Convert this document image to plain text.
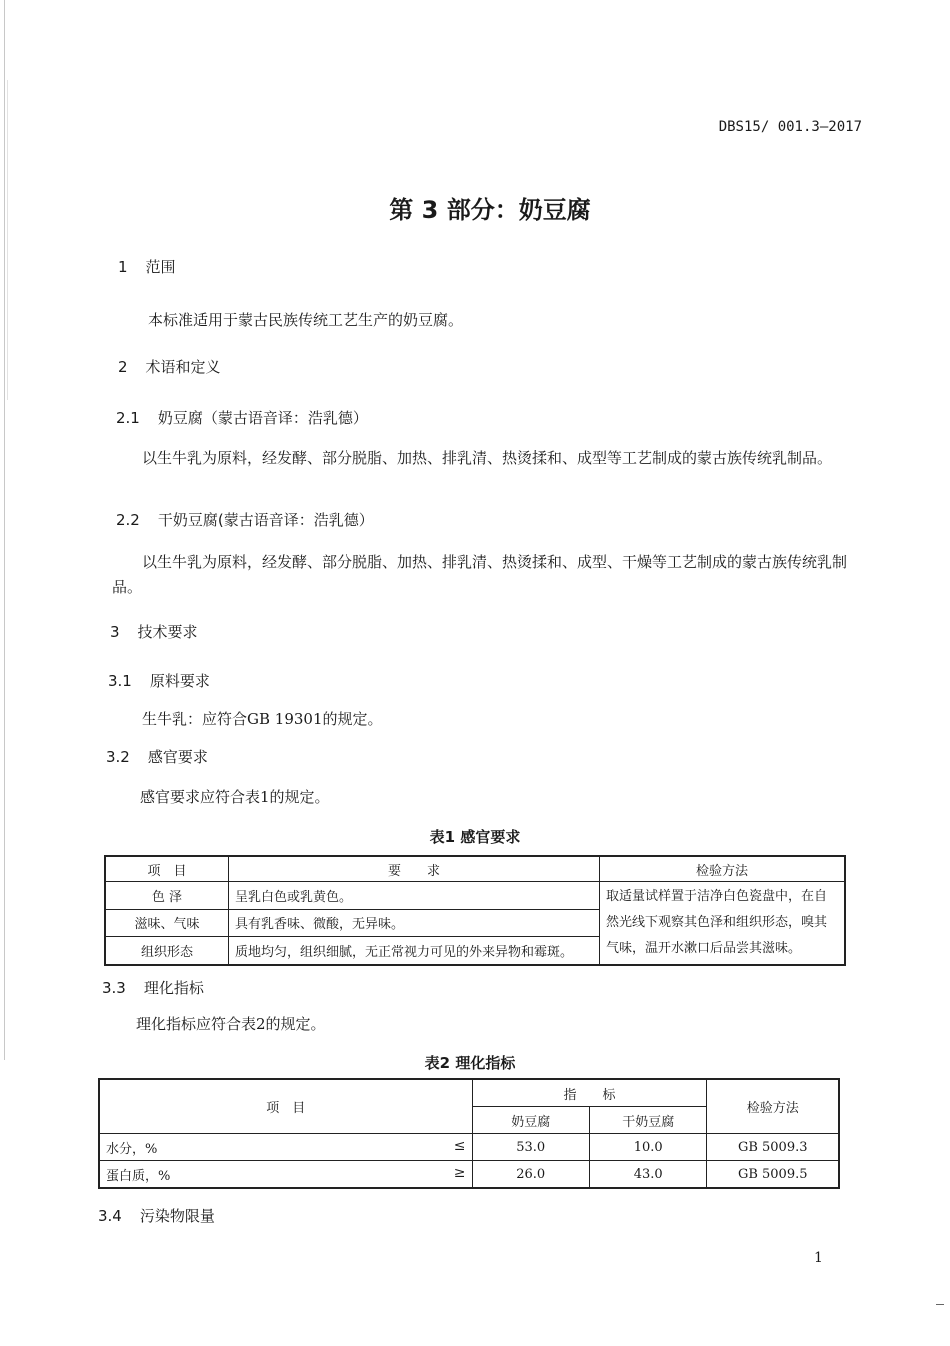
DBS15/ 001.3—2017
第 3 部分：奶豆腐
1 范围
本标准适用于蒙古民族传统工艺生产的奶豆腐。
2 术语和定义
2.1 奶豆腐（蒙古语音译：浩乳德）
以生牛乳为原料，经发酵、部分脱脂、加热、排乳清、热烫揉和、成型等工艺制成的蒙古族传统乳制品。
2.2 干奶豆腐(蒙古语音译：浩乳德）
以生牛乳为原料，经发酵、部分脱脂、加热、排乳清、热烫揉和、成型、干燥等工艺制成的蒙古族传统乳制品。
3 技术要求
3.1 原料要求
生牛乳：应符合GB 19301的规定。
3.2 感官要求
感官要求应符合表1的规定。
表1 感官要求
项　目	要　　求	检验方法
色 泽	呈乳白色或乳黄色。	取适量试样置于洁净白色瓷盘中，在自然光线下观察其色泽和组织形态，嗅其气味，温开水漱口后品尝其滋味。
滋味、气味	具有乳香味、微酸，无异味。	
组织形态	质地均匀，组织细腻，无正常视力可见的外来异物和霉斑。	
3.3 理化指标
理化指标应符合表2的规定。
表2 理化指标
项　目	指　　标		检验方法
	奶豆腐	干奶豆腐	
水分，% ≤	53.0	10.0	GB 5009.3
蛋白质，% ≥	26.0	43.0	GB 5009.5
3.4 污染物限量
1
